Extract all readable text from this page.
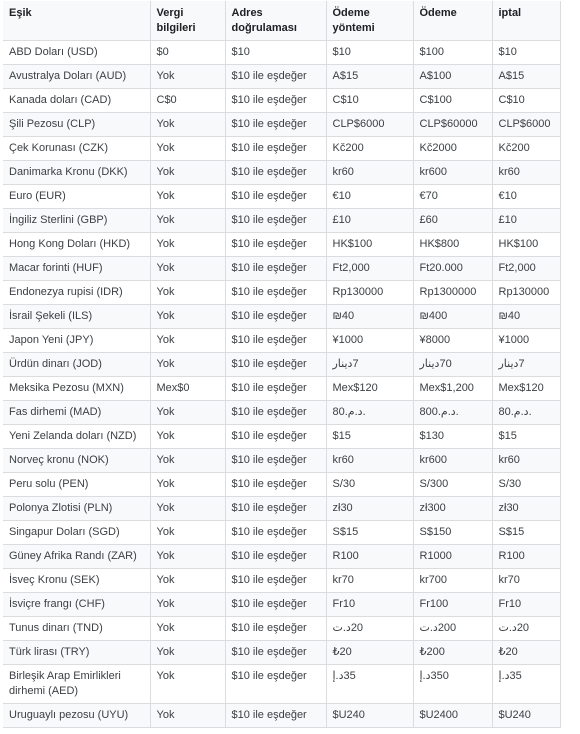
Eşik	Vergi bilgileri	Adres doğrulaması	Ödeme yöntemi	Ödeme	iptal
ABD Doları (USD)	$0	$10	$10	$100	$10
Avustralya Doları (AUD)	Yok	$10 ile eşdeğer	A$15	A$100	A$15
Kanada doları (CAD)	C$0	$10 ile eşdeğer	C$10	C$100	C$10
Şili Pezosu (CLP)	Yok	$10 ile eşdeğer	CLP$6000	CLP$60000	CLP$6000
Çek Korunası (CZK)	Yok	$10 ile eşdeğer	Kč200	Kč2000	Kč200
Danimarka Kronu (DKK)	Yok	$10 ile eşdeğer	kr60	kr600	kr60
Euro (EUR)	Yok	$10 ile eşdeğer	€10	€70	€10
İngiliz Sterlini (GBP)	Yok	$10 ile eşdeğer	£10	£60	£10
Hong Kong Doları (HKD)	Yok	$10 ile eşdeğer	HK$100	HK$800	HK$100
Macar forinti (HUF)	Yok	$10 ile eşdeğer	Ft2,000	Ft20.000	Ft2,000
Endonezya rupisi (IDR)	Yok	$10 ile eşdeğer	Rp130000	Rp1300000	Rp130000
İsrail Şekeli (ILS)	Yok	$10 ile eşdeğer	₪40	₪400	₪40
Japon Yeni (JPY)	Yok	$10 ile eşdeğer	¥1000	¥8000	¥1000
Ürdün dinarı (JOD)	Yok	$10 ile eşdeğer	7دينار	70دينار	7دينار
Meksika Pezosu (MXN)	Mex$0	$10 ile eşdeğer	Mex$120	Mex$1,200	Mex$120
Fas dirhemi (MAD)	Yok	$10 ile eşdeğer	.د.م.80	.د.م.800	.د.م.80
Yeni Zelanda doları (NZD)	Yok	$10 ile eşdeğer	$15	$130	$15
Norveç kronu (NOK)	Yok	$10 ile eşdeğer	kr60	kr600	kr60
Peru solu (PEN)	Yok	$10 ile eşdeğer	S/30	S/300	S/30
Polonya Zlotisi (PLN)	Yok	$10 ile eşdeğer	zł30	zł300	zł30
Singapur Doları (SGD)	Yok	$10 ile eşdeğer	S$15	S$150	S$15
Güney Afrika Randı (ZAR)	Yok	$10 ile eşdeğer	R100	R1000	R100
İsveç Kronu (SEK)	Yok	$10 ile eşdeğer	kr70	kr700	kr70
İsviçre frangı (CHF)	Yok	$10 ile eşdeğer	Fr10	Fr100	Fr10
Tunus dinarı (TND)	Yok	$10 ile eşdeğer	20د.ت	200د.ت	20د.ت
Türk lirası (TRY)	Yok	$10 ile eşdeğer	₺20	₺200	₺20
Birleşik Arap Emirlikleri dirhemi (AED)	Yok	$10 ile eşdeğer	35د.إ	350د.إ	35د.إ
Uruguaylı pezosu (UYU)	Yok	$10 ile eşdeğer	$U240	$U2400	$U240
